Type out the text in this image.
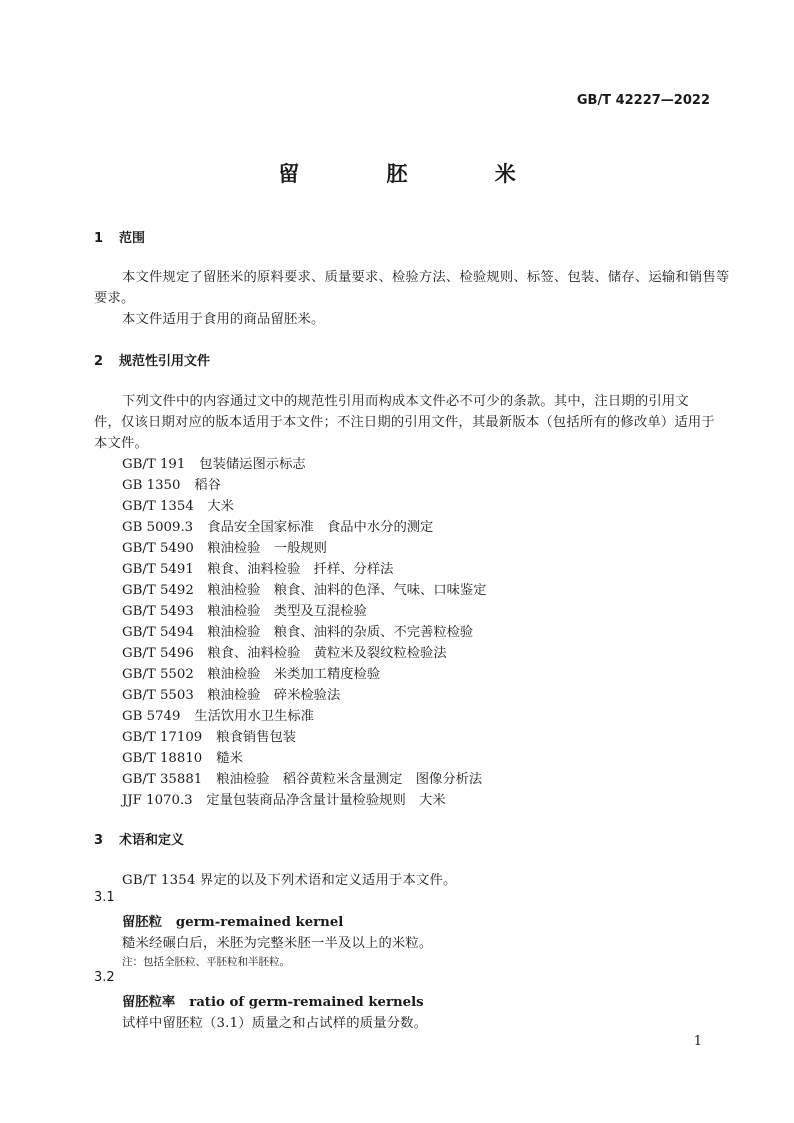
GB/T 42227—2022
留 胚 米
1 范围
本文件规定了留胚米的原料要求、质量要求、检验方法、检验规则、标签、包装、储存、运输和销售等
要求。
本文件适用于食用的商品留胚米。
2 规范性引用文件
下列文件中的内容通过文中的规范性引用而构成本文件必不可少的条款。其中，注日期的引用文
件，仅该日期对应的版本适用于本文件；不注日期的引用文件，其最新版本（包括所有的修改单）适用于
本文件。
GB/T 191　 包装储运图示标志
GB 1350　 稻谷
GB/T 1354　 大米
GB 5009.3　 食品安全国家标准　食品中水分的测定
GB/T 5490　 粮油检验　一般规则
GB/T 5491　 粮食、油料检验　扦样、分样法
GB/T 5492　 粮油检验　粮食、油料的色泽、气味、口味鉴定
GB/T 5493　 粮油检验　类型及互混检验
GB/T 5494　 粮油检验　粮食、油料的杂质、不完善粒检验
GB/T 5496　 粮食、油料检验　黄粒米及裂纹粒检验法
GB/T 5502　 粮油检验　米类加工精度检验
GB/T 5503　 粮油检验　碎米检验法
GB 5749　 生活饮用水卫生标准
GB/T 17109　 粮食销售包装
GB/T 18810　 糙米
GB/T 35881　 粮油检验　稻谷黄粒米含量测定　图像分析法
JJF 1070.3　 定量包装商品净含量计量检验规则　大米
3 术语和定义
GB/T 1354 界定的以及下列术语和定义适用于本文件。
3.1
留胚粒 germ-remained kernel
糙米经碾白后，米胚为完整米胚一半及以上的米粒。
注：包括全胚粒、平胚粒和半胚粒。
3.2
留胚粒率 ratio of germ-remained kernels
试样中留胚粒（3.1）质量之和占试样的质量分数。
1
